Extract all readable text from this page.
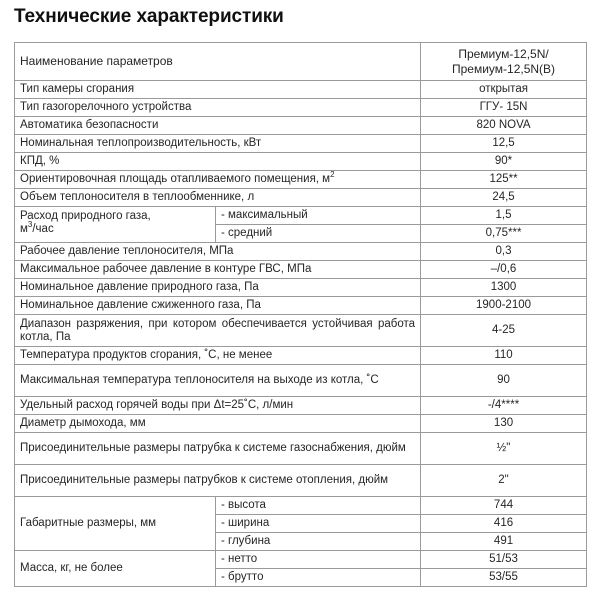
Технические характеристики
Наименование параметров		Премиум-12,5N/
Премиум-12,5N(B)
Тип камеры сгорания		открытая
Тип газогорелочного устройства		ГГУ- 15N
Автоматика безопасности		820 NOVA
Номинальная теплопроизводительность, кВт		12,5
КПД, %		90*
Ориентировочная площадь отапливаемого помещения, $м^2$		125**
Объем теплоносителя в теплообменнике, л		24,5
Расход природного газа,
$м^3$/час	- максимальный	1,5
	- средний	0,75***
Рабочее давление теплоносителя, МПа		0,3
Максимальное рабочее давление в контуре ГВС, МПа		–/0,6
Номинальное давление природного газа, Па		1300
Номинальное давление сжиженного газа, Па		1900-2100
Диапазон разряжения, при котором обеспечивается устойчивая работа котла, Па		4-25
Температура продуктов сгорания, ˚С, не менее		110
Максимальная температура теплоносителя на выходе из котла, ˚С		90
Удельный расход горячей воды при Δt=25˚С, л/мин		-/4****
Диаметр дымохода, мм		130
Присоединительные размеры патрубка к системе газоснабжения, дюйм		½"
Присоединительные размеры патрубков к системе отопления, дюйм		2"
Габаритные размеры, мм	- высота	744
	- ширина	416
	- глубина	491
Масса, кг, не более	- нетто	51/53
	- бруттo	53/55
